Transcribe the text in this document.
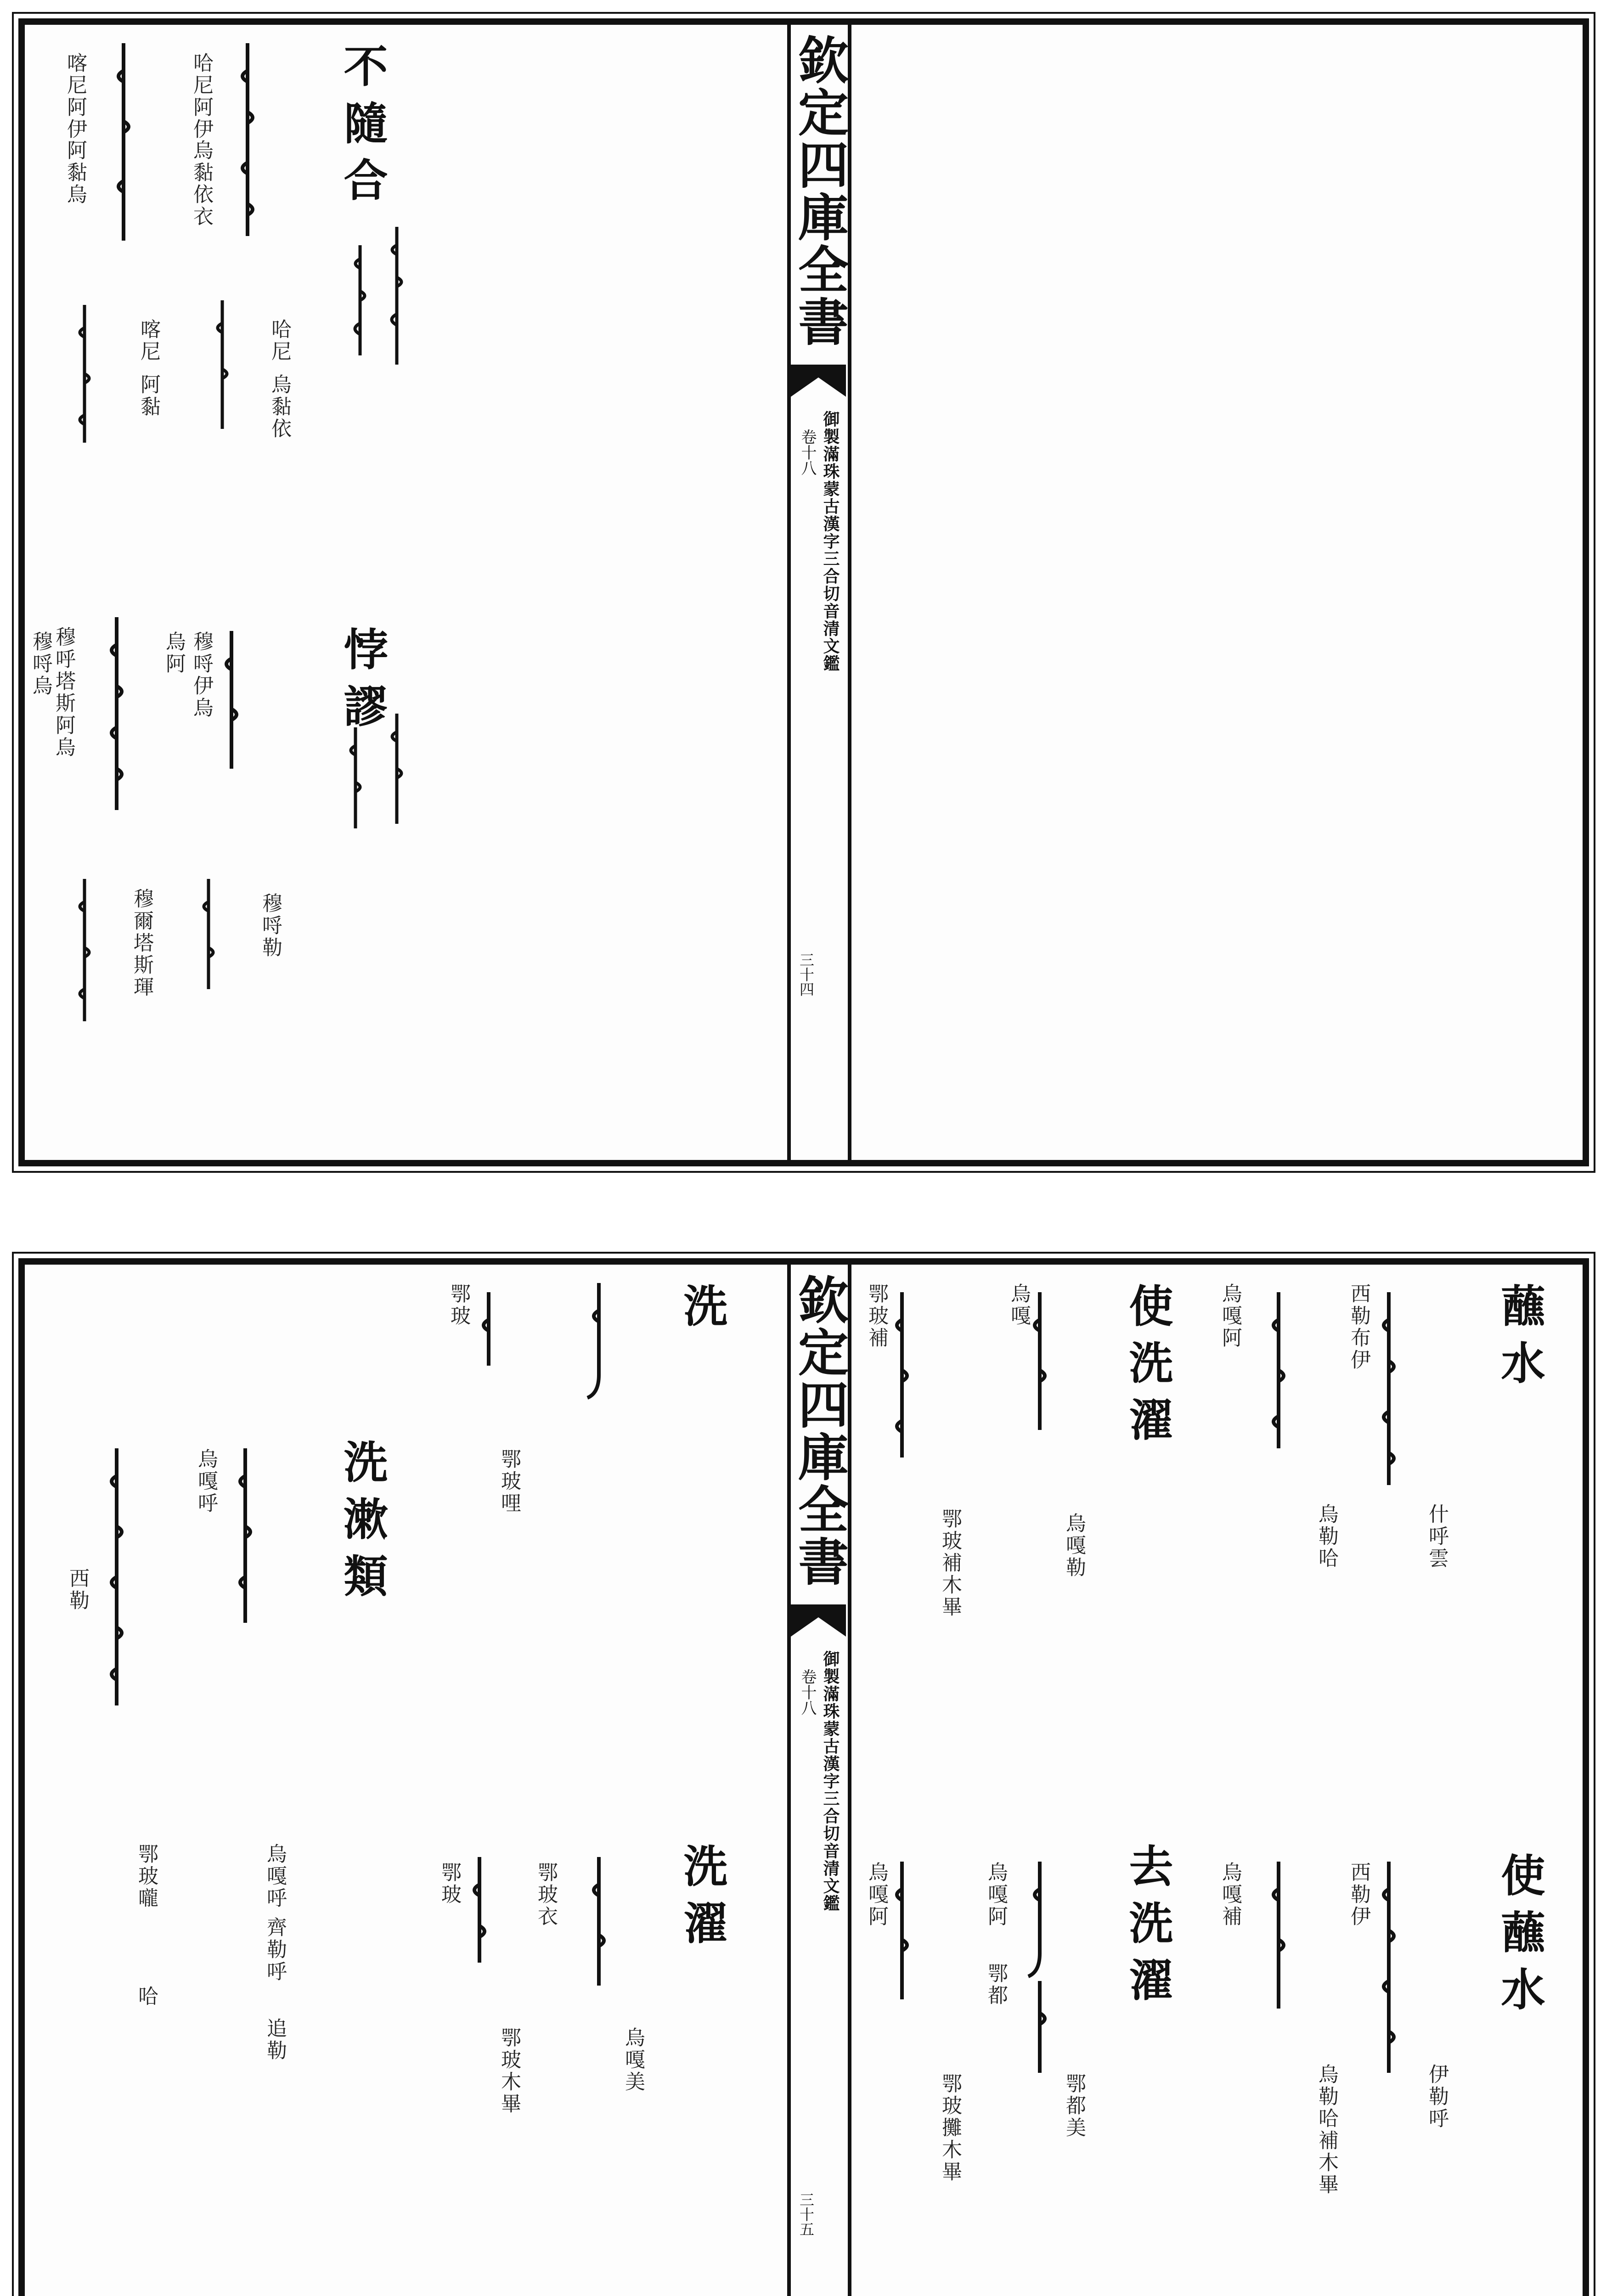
欽定四庫全書
御製滿珠蒙古漢字三合切音清文鑑
卷十八
三十四
不隨合
悖謬
哈尼阿伊
烏黏依衣
喀尼阿伊
阿黏烏
哈尼
烏黏依
喀尼
阿黏
穆哷伊烏
烏阿
穆呼塔斯阿烏
穆哷烏
穆哷勒
穆爾塔斯琿
欽定四庫全書
御製滿珠蒙古漢字三合切音清文鑑
卷十八
三十五
蘸水
使洗濯
洗
使蘸水
去洗濯
洗漱類
洗濯
西勒布伊
什呼雲
烏勒哈
烏嘎阿
鄂玻補
鄂玻補木畢	烏嘎勒
烏嘎
鄂玻
鄂玻哩
烏嘎呼
西勒
鄂玻嚨	烏嘎呼
齊勒呼
哈
追勒
西勒伊
伊勒呼
烏嘎補
烏勒哈補木畢
烏嘎阿
鄂都
鄂玻攤木畢	鄂都美
烏嘎阿
鄂玻
鄂玻木畢	烏嘎美
鄂玻衣
